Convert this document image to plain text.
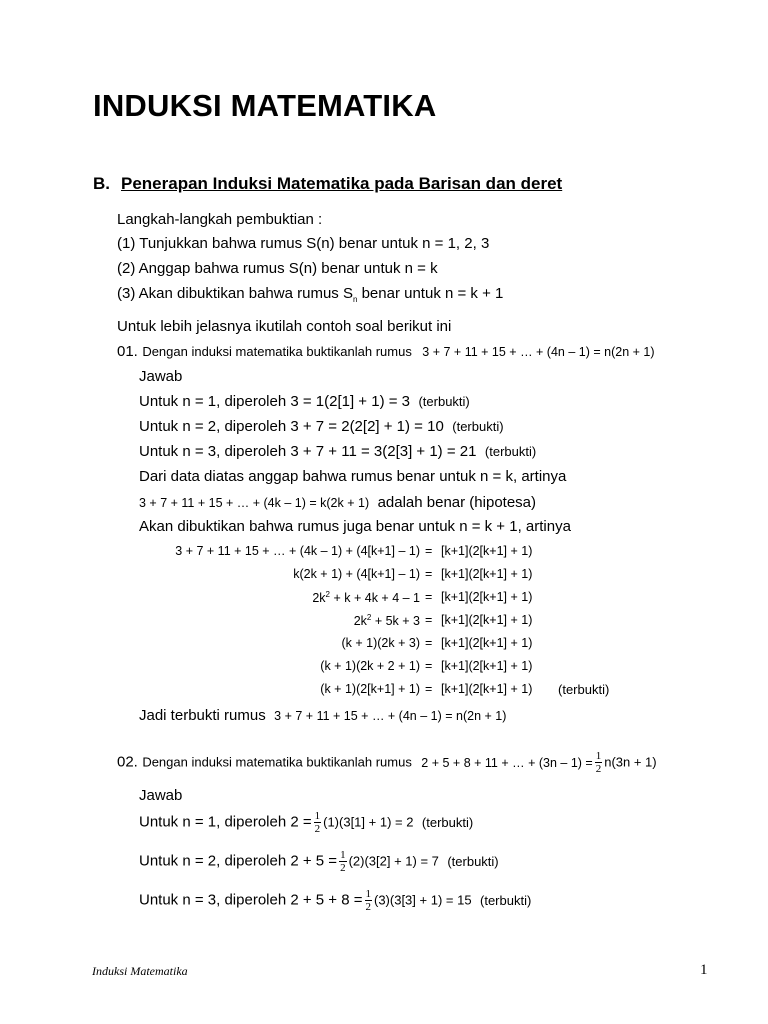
INDUKSI MATEMATIKA
B. Penerapan Induksi Matematika pada Barisan dan deret
Langkah-langkah pembuktian :
(1) Tunjukkan bahwa rumus S(n) benar untuk n = 1, 2, 3
(2) Anggap bahwa rumus S(n) benar untuk n = k
(3) Akan dibuktikan bahwa rumus $S_n$ benar untuk n = k + 1
Untuk lebih jelasnya ikutilah contoh soal berikut ini
01. Dengan induksi matematika buktikanlah rumus 3 + 7 + 11 + 15 + … + (4n – 1) = n(2n + 1)
Jawab
Untuk n = 1, diperoleh 3 = 1(2[1] + 1) = 3 (terbukti)
Untuk n = 2, diperoleh 3 + 7 = 2(2[2] + 1) = 10 (terbukti)
Untuk n = 3, diperoleh 3 + 7 + 11 = 3(2[3] + 1) = 21 (terbukti)
Dari data diatas anggap bahwa rumus benar untuk n = k, artinya
3 + 7 + 11 + 15 + … + (4k – 1) = k(2k + 1) adalah benar (hipotesa)
Akan dibuktikan bahwa rumus juga benar untuk n = k + 1, artinya
3 + 7 + 11 + 15 + … + (4k – 1) + (4[k+1] – 1) = [k+1](2[k+1] + 1)
k(2k + 1) + (4[k+1] – 1) = [k+1](2[k+1] + 1)
$2k^2 + k + 4k + 4 - 1 = [k+1](2[k+1] + 1)$
$2k^2 + 5k + 3 = [k+1](2[k+1] + 1)$
(k + 1)(2k + 3) = [k+1](2[k+1] + 1)
(k + 1)(2k + 2 + 1) = [k+1](2[k+1] + 1)
(k + 1)(2[k+1] + 1) = [k+1](2[k+1] + 1) (terbukti)
Jadi terbukti rumus 3 + 7 + 11 + 15 + … + (4n – 1) = n(2n + 1)
02. Dengan induksi matematika buktikanlah rumus 2 + 5 + 8 + 11 + … + $(3n - 1) = \frac{1}{2} n(3n + 1)$
Jawab
Untuk n = 1, diperoleh $2 = \frac{1}{2} (1)(3[1] + 1) = 2$ (terbukti)
Untuk n = 2, diperoleh $2 + 5 = \frac{1}{2} (2)(3[2] + 1) = 7$ (terbukti)
Untuk n = 3, diperoleh $2 + 5 + 8 = \frac{1}{2} (3)(3[3] + 1) = 15$ (terbukti)
Induksi Matematika	1
